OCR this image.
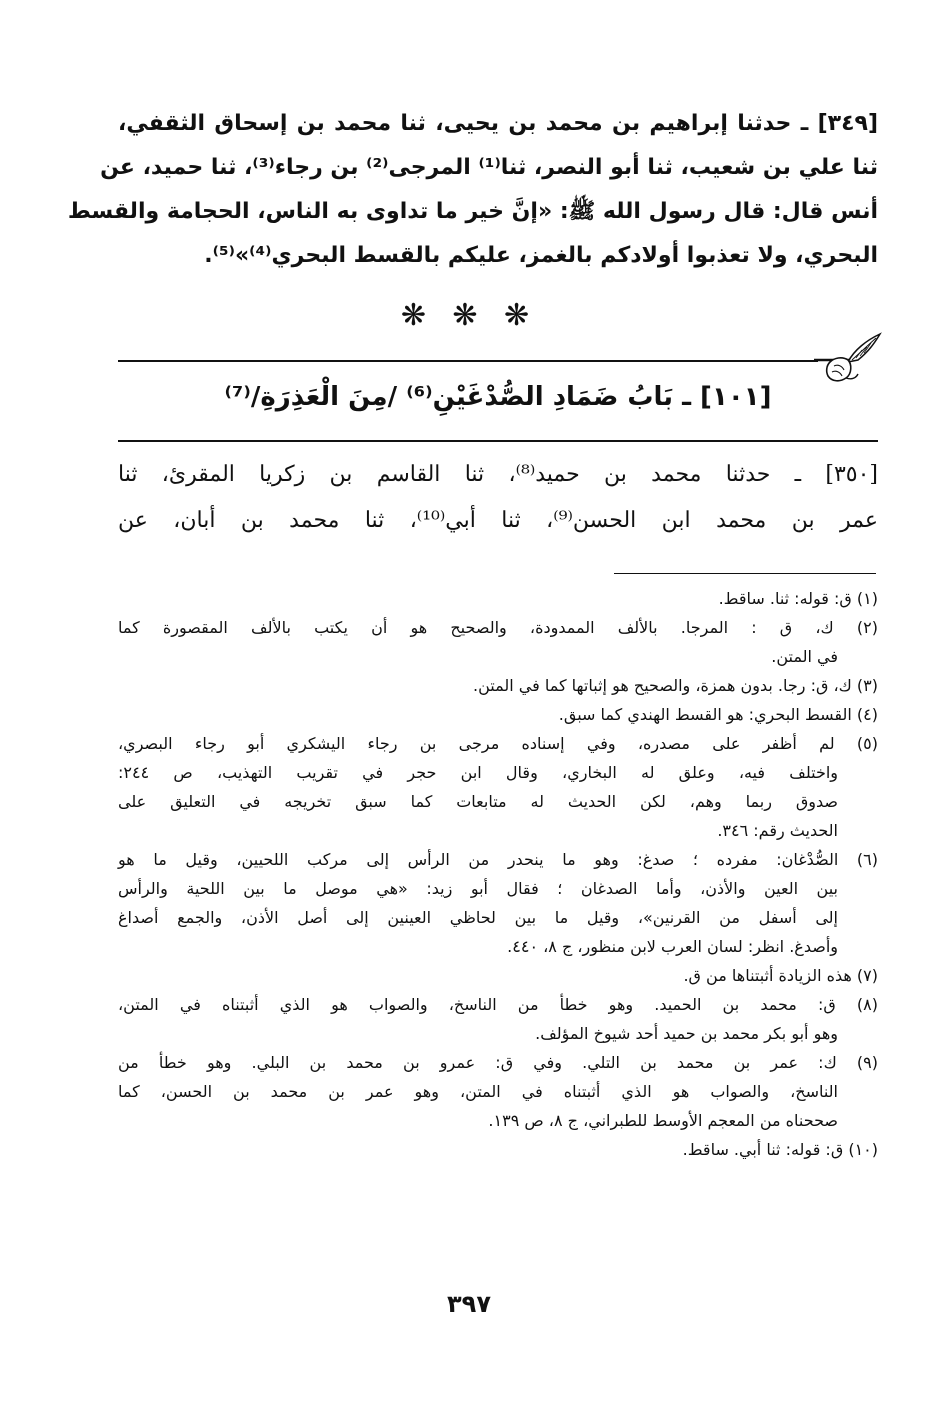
[٣٤٩] ـ حدثنا إبراهيم بن محمد بن يحيى، ثنا محمد بن إسحاق الثقفي،
ثنا علي بن شعيب، ثنا أبو النصر، ثنا⁽¹⁾ المرجى⁽²⁾ بن رجاء⁽³⁾، ثنا حميد، عن
أنس قال: قال رسول الله ﷺ: «إنَّ خير ما تداوى به الناس، الحجامة والقسط
البحري، ولا تعذبوا أولادكم بالغمز، عليكم بالقسط البحري⁽⁴⁾»⁽⁵⁾.
❋ ❋ ❋
[١٠١] ـ بَابُ ضَمَادِ الصُّدْغَيْنِ⁽⁶⁾ /مِنَ الْعَذِرَةِ/⁽⁷⁾
[٣٥٠] ـ حدثنا محمد بن حميد⁽⁸⁾، ثنا القاسم بن زكريا المقرئ، ثنا
عمر بن محمد ابن الحسن⁽⁹⁾، ثنا أبي⁽¹⁰⁾، ثنا محمد بن أبان، عن
(١) ق: قوله: ثنا. ساقط.
(٢) ك، ق : المرجا. بالألف الممدودة، والصحيح هو أن يكتب بالألف المقصورة كما
في المتن.
(٣) ك، ق: رجا. بدون همزة، والصحيح هو إثباتها كما في المتن.
(٤) القسط البحري: هو القسط الهندي كما سبق.
(٥) لم أظفر على مصدره، وفي إسناده مرجى بن رجاء اليشكري أبو رجاء البصري،
واختلف فيه، وعلق له البخاري، وقال ابن حجر في تقريب التهذيب، ص ٢٤٤:
صدوق ربما وهم، لكن الحديث له متابعات كما سبق تخريجه في التعليق على
الحديث رقم: ٣٤٦.
(٦) الصُّدْغان: مفرده ؛ صدغ: وهو ما ينحدر من الرأس إلى مركب اللحيين، وقيل ما هو
بين العين والأذن، وأما الصدغان ؛ فقال أبو زيد: «هي موصل ما بين اللحية والرأس
إلى أسفل من القرنين»، وقيل ما بين لحاظي العينين إلى أصل الأذن، والجمع أصداغ
وأصدغ. انظر: لسان العرب لابن منظور، ج ٨، ٤٤٠.
(٧) هذه الزيادة أثبتناها من ق.
(٨) ق: محمد بن الحميد. وهو خطأ من الناسخ، والصواب هو الذي أثبتناه في المتن،
وهو أبو بكر محمد بن حميد أحد شيوخ المؤلف.
(٩) ك: عمر بن محمد بن التلي. وفي ق: عمرو بن محمد بن البلي. وهو خطأ من
الناسخ، والصواب هو الذي أثبتناه في المتن، وهو عمر بن محمد بن الحسن، كما
صححناه من المعجم الأوسط للطبراني، ج ٨، ص ١٣٩.
(١٠) ق: قوله: ثنا أبي. ساقط.
٣٩٧
